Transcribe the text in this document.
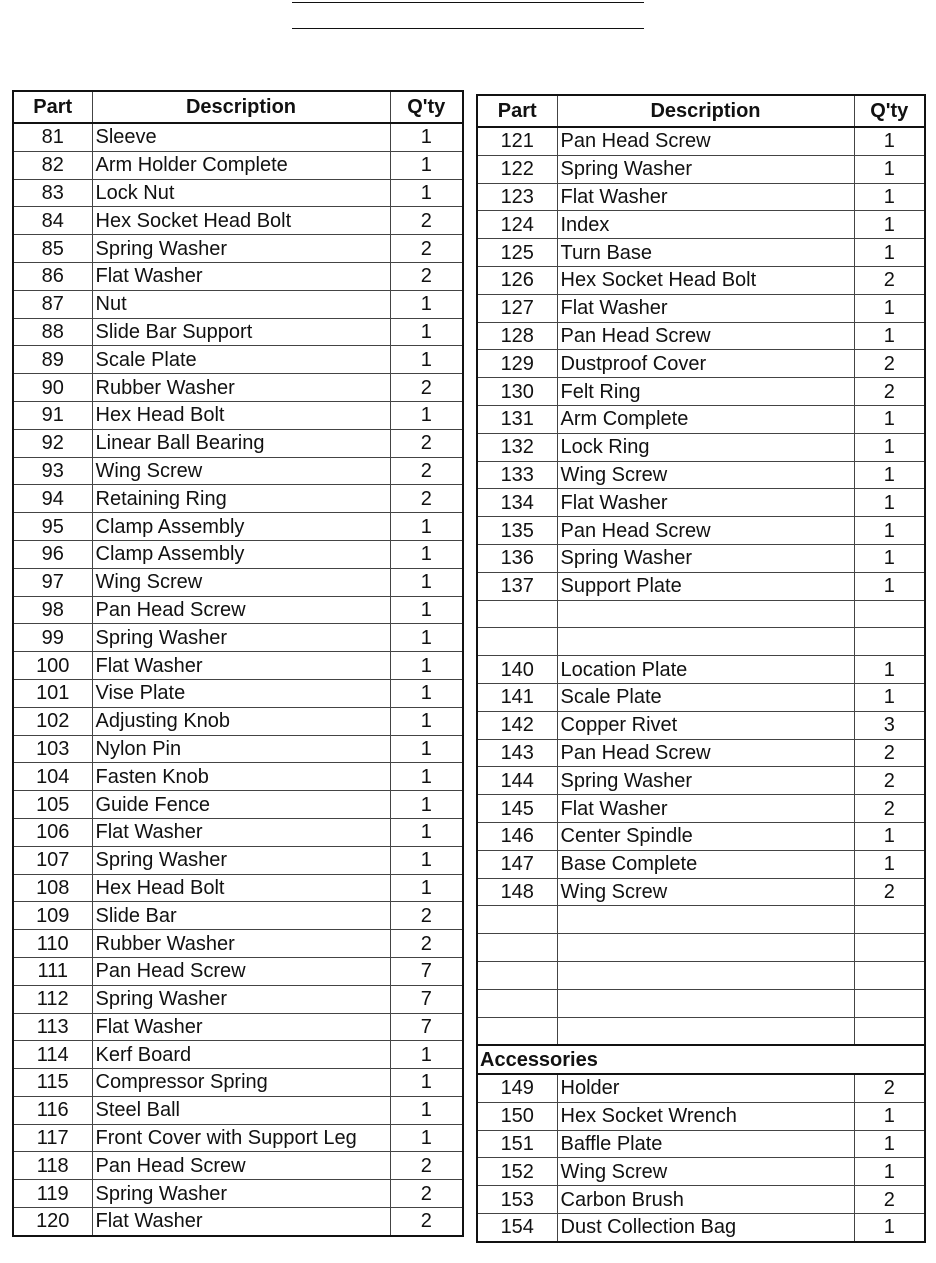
Part	Description	Q'ty
81	Sleeve	1
82	Arm Holder Complete	1
83	Lock Nut	1
84	Hex Socket Head Bolt	2
85	Spring Washer	2
86	Flat Washer	2
87	Nut	1
88	Slide Bar Support	1
89	Scale Plate	1
90	Rubber Washer	2
91	Hex Head Bolt	1
92	Linear Ball Bearing	2
93	Wing Screw	2
94	Retaining Ring	2
95	Clamp Assembly	1
96	Clamp Assembly	1
97	Wing Screw	1
98	Pan Head Screw	1
99	Spring Washer	1
100	Flat Washer	1
101	Vise Plate	1
102	Adjusting Knob	1
103	Nylon Pin	1
104	Fasten Knob	1
105	Guide Fence	1
106	Flat Washer	1
107	Spring Washer	1
108	Hex Head Bolt	1
109	Slide Bar	2
110	Rubber Washer	2
111	Pan Head Screw	7
112	Spring Washer	7
113	Flat Washer	7
114	Kerf Board	1
115	Compressor Spring	1
116	Steel Ball	1
117	Front Cover with Support Leg	1
118	Pan Head Screw	2
119	Spring Washer	2
120	Flat Washer	2
Part	Description	Q'ty
121	Pan Head Screw	1
122	Spring Washer	1
123	Flat Washer	1
124	Index	1
125	Turn Base	1
126	Hex Socket Head Bolt	2
127	Flat Washer	1
128	Pan Head Screw	1
129	Dustproof Cover	2
130	Felt Ring	2
131	Arm Complete	1
132	Lock Ring	1
133	Wing Screw	1
134	Flat Washer	1
135	Pan Head Screw	1
136	Spring Washer	1
137	Support Plate	1

140	Location Plate	1
141	Scale Plate	1
142	Copper Rivet	3
143	Pan Head Screw	2
144	Spring Washer	2
145	Flat Washer	2
146	Center Spindle	1
147	Base Complete	1
148	Wing Screw	2

Accessories		
149	Holder	2
150	Hex Socket Wrench	1
151	Baffle Plate	1
152	Wing Screw	1
153	Carbon Brush	2
154	Dust Collection Bag	1
